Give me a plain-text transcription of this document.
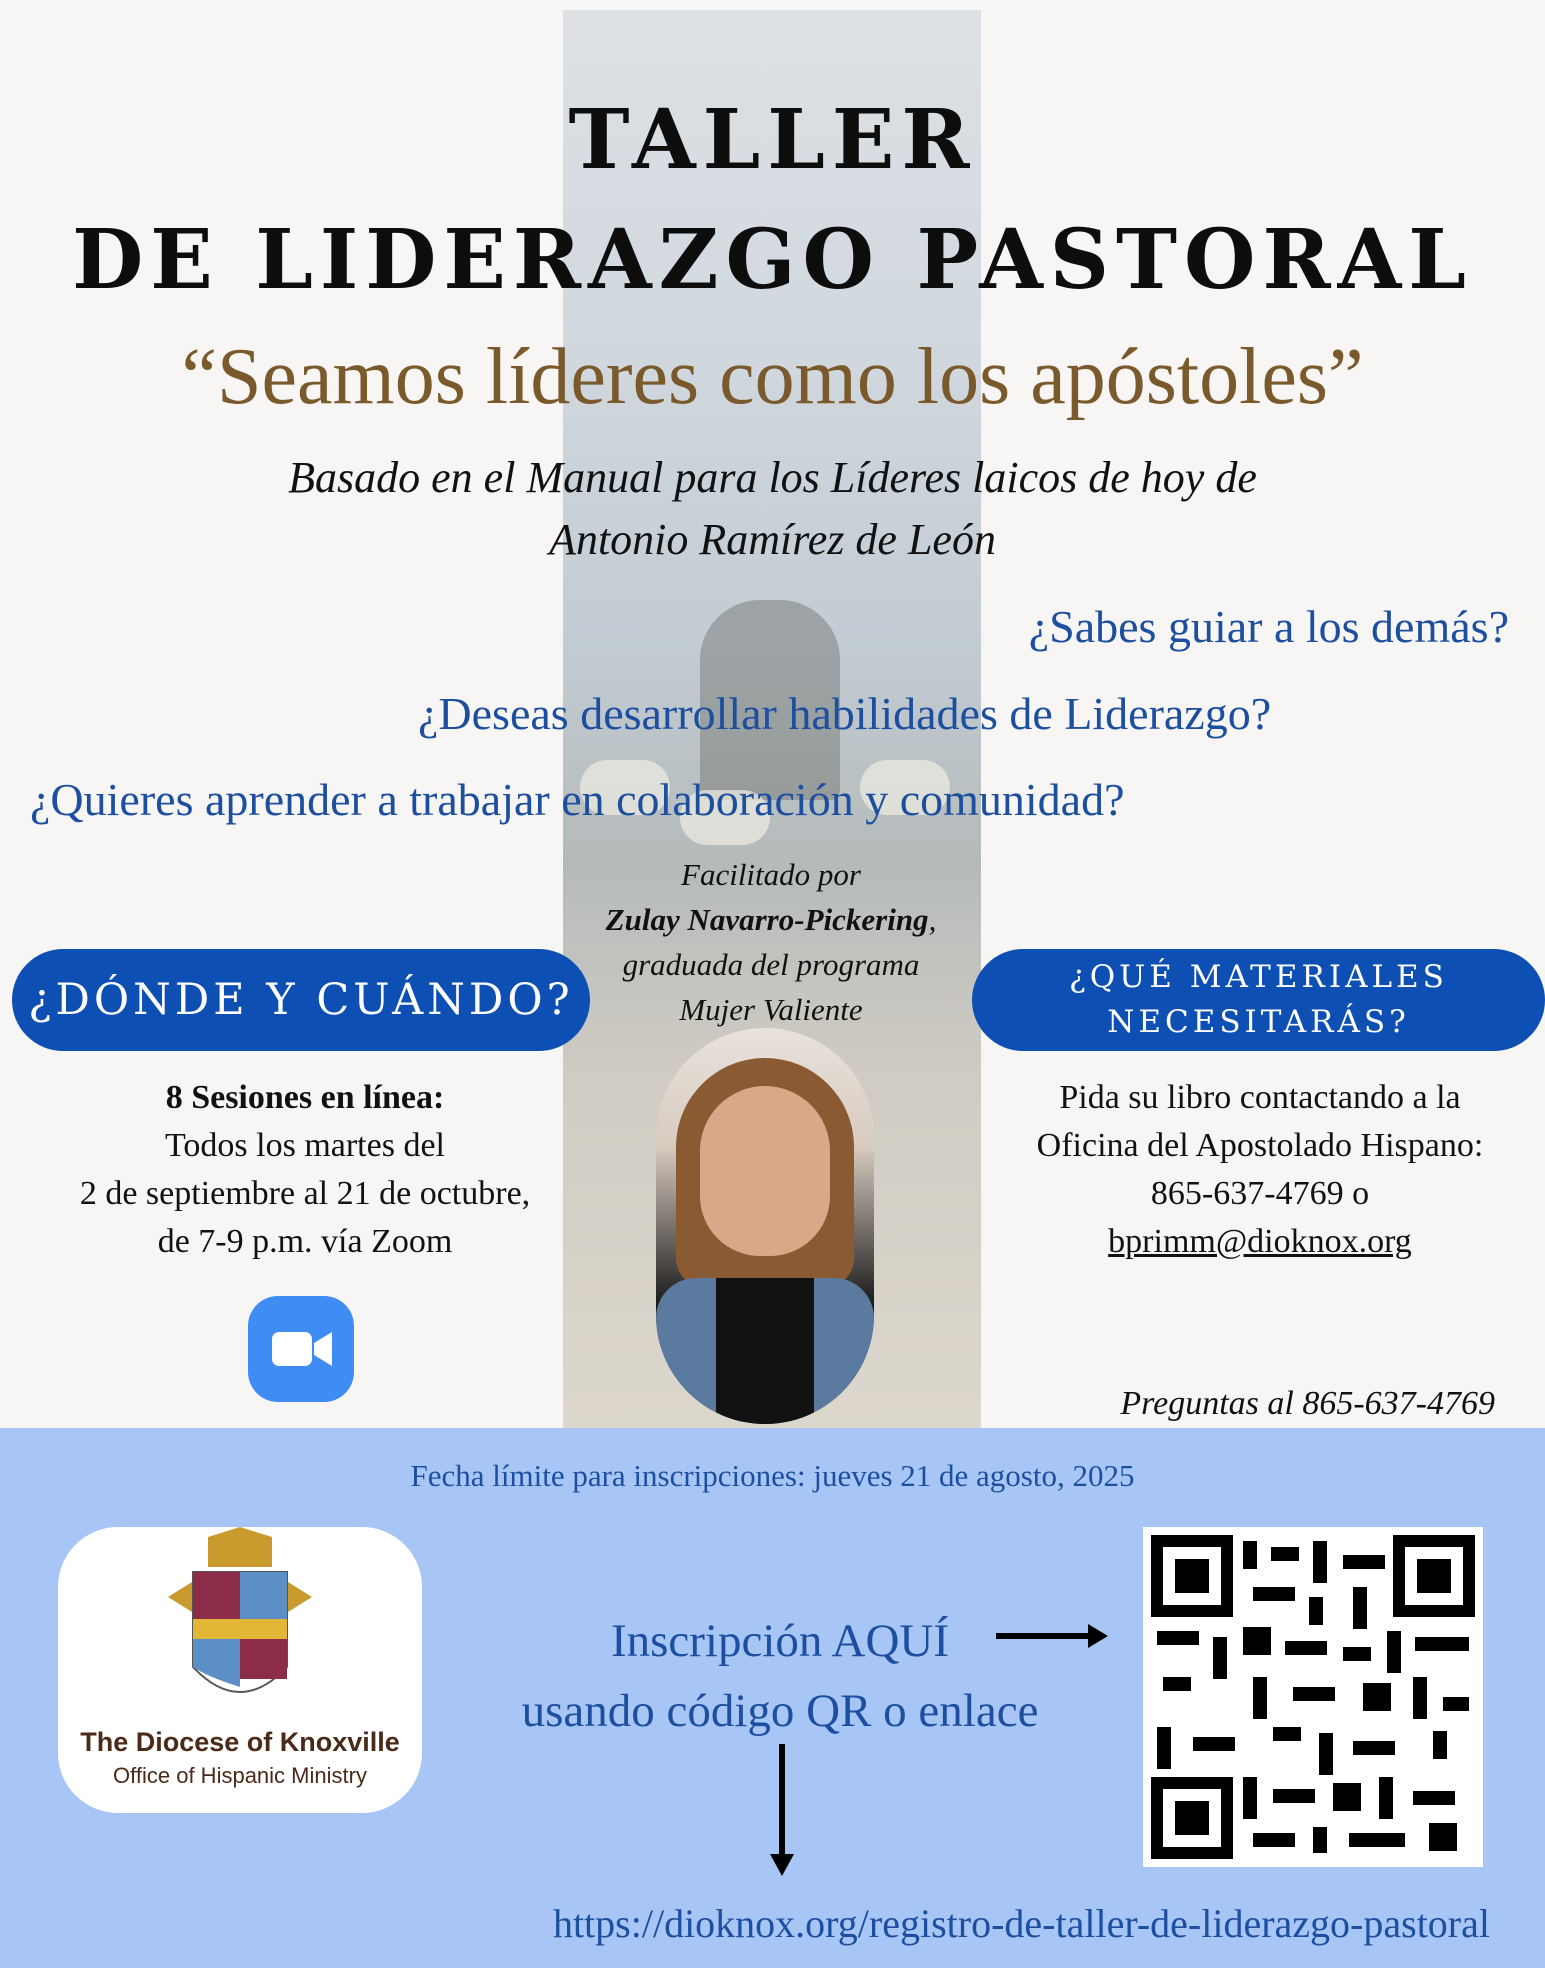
TALLER
DE LIDERAZGO PASTORAL
“Seamos líderes como los apóstoles”
Basado en el Manual para los Líderes laicos de hoy de
Antonio Ramírez de León
¿Sabes guiar a los demás?
¿Deseas desarrollar habilidades de Liderazgo?
¿Quieres aprender a trabajar en colaboración y comunidad?
Facilitado por
Zulay Navarro-Pickering,
graduada del programa
Mujer Valiente
¿DÓNDE Y CUÁNDO?	¿QUÉ MATERIALES
NECESITARÁS?
8 Sesiones en línea:
Todos los martes del
2 de septiembre al 21 de octubre,
de 7-9 p.m. vía Zoom
Pida su libro contactando a la
Oficina del Apostolado Hispano:
865-637-4769 o
bprimm@dioknox.org
Preguntas al 865-637-4769
Fecha límite para inscripciones: jueves 21 de agosto, 2025
The Diocese of Knoxville
Office of Hispanic Ministry
Inscripción AQUÍ
usando código QR o enlace
https://dioknox.org/registro-de-taller-de-liderazgo-pastoral
